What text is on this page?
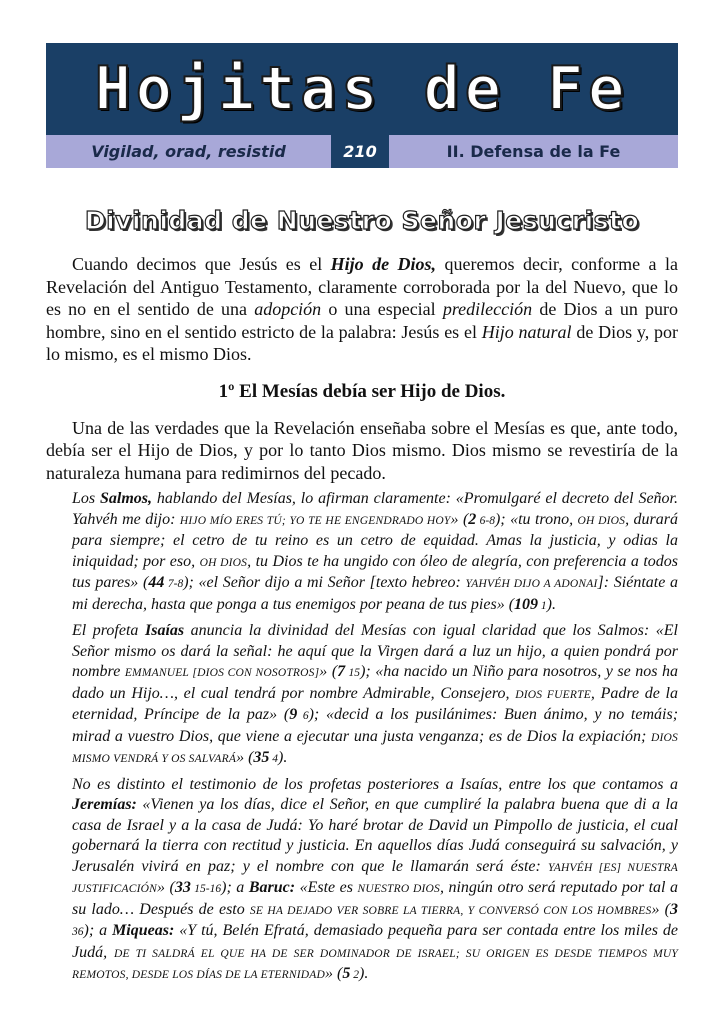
Hojitas de Fe
Vigilad, orad, resistid	210	II. Defensa de la Fe
Divinidad de Nuestro Señor Jesucristo

Cuando decimos que Jesús es el Hijo de Dios, queremos decir, conforme a la Revelación del Antiguo Testamento, claramente corroborada por la del Nuevo, que lo es no en el sentido de una adopción o una especial predilección de Dios a un puro hombre, sino en el sentido estricto de la palabra: Jesús es el Hijo natural de Dios y, por lo mismo, es el mismo Dios.

1º El Mesías debía ser Hijo de Dios.

Una de las verdades que la Revelación enseñaba sobre el Mesías es que, ante todo, debía ser el Hijo de Dios, y por lo tanto Dios mismo. Dios mismo se revestiría de la naturaleza humana para redimirnos del pecado.

Los Salmos, hablando del Mesías, lo afirman claramente: «Promulgaré el decreto del Señor. Yahvéh me dijo: HIJO MÍO ERES TÚ; YO TE HE ENGENDRADO HOY» (2 6-8); «tu trono, OH DIOS, durará para siempre; el cetro de tu reino es un cetro de equidad. Amas la justicia, y odias la iniquidad; por eso, OH DIOS, tu Dios te ha ungido con óleo de alegría, con preferencia a todos tus pares» (44 7-8); «el Señor dijo a mi Señor [texto hebreo: YAHVÉH DIJO A ADONAI]: Siéntate a mi derecha, hasta que ponga a tus enemigos por peana de tus pies» (109 1).

El profeta Isaías anuncia la divinidad del Mesías con igual claridad que los Salmos: «El Señor mismo os dará la señal: he aquí que la Virgen dará a luz un hijo, a quien pondrá por nombre EMMANUEL [DIOS CON NOSOTROS]» (7 15); «ha nacido un Niño para nosotros, y se nos ha dado un Hijo…, el cual tendrá por nombre Admirable, Consejero, DIOS FUERTE, Padre de la eternidad, Príncipe de la paz» (9 6); «decid a los pusilánimes: Buen ánimo, y no temáis; mirad a vuestro Dios, que viene a ejecutar una justa venganza; es de Dios la expiación; DIOS MISMO VENDRÁ Y OS SALVARÁ» (35 4).

No es distinto el testimonio de los profetas posteriores a Isaías, entre los que contamos a Jeremías: «Vienen ya los días, dice el Señor, en que cumpliré la palabra buena que di a la casa de Israel y a la casa de Judá: Yo haré brotar de David un Pimpollo de justicia, el cual gobernará la tierra con rectitud y justicia. En aquellos días Judá conseguirá su salvación, y Jerusalén vivirá en paz; y el nombre con que le llamarán será éste: YAHVÉH [ES] NUESTRA JUSTIFICACIÓN» (33 15-16); a Baruc: «Este es NUESTRO DIOS, ningún otro será reputado por tal a su lado… Después de esto SE HA DEJADO VER SOBRE LA TIERRA, Y CONVERSÓ CON LOS HOMBRES» (3 36); a Miqueas: «Y tú, Belén Efratá, demasiado pequeña para ser contada entre los miles de Judá, DE TI SALDRÁ EL QUE HA DE SER DOMINADOR DE ISRAEL; SU ORIGEN ES DESDE TIEMPOS MUY REMOTOS, DESDE LOS DÍAS DE LA ETERNIDAD» (5 2).
